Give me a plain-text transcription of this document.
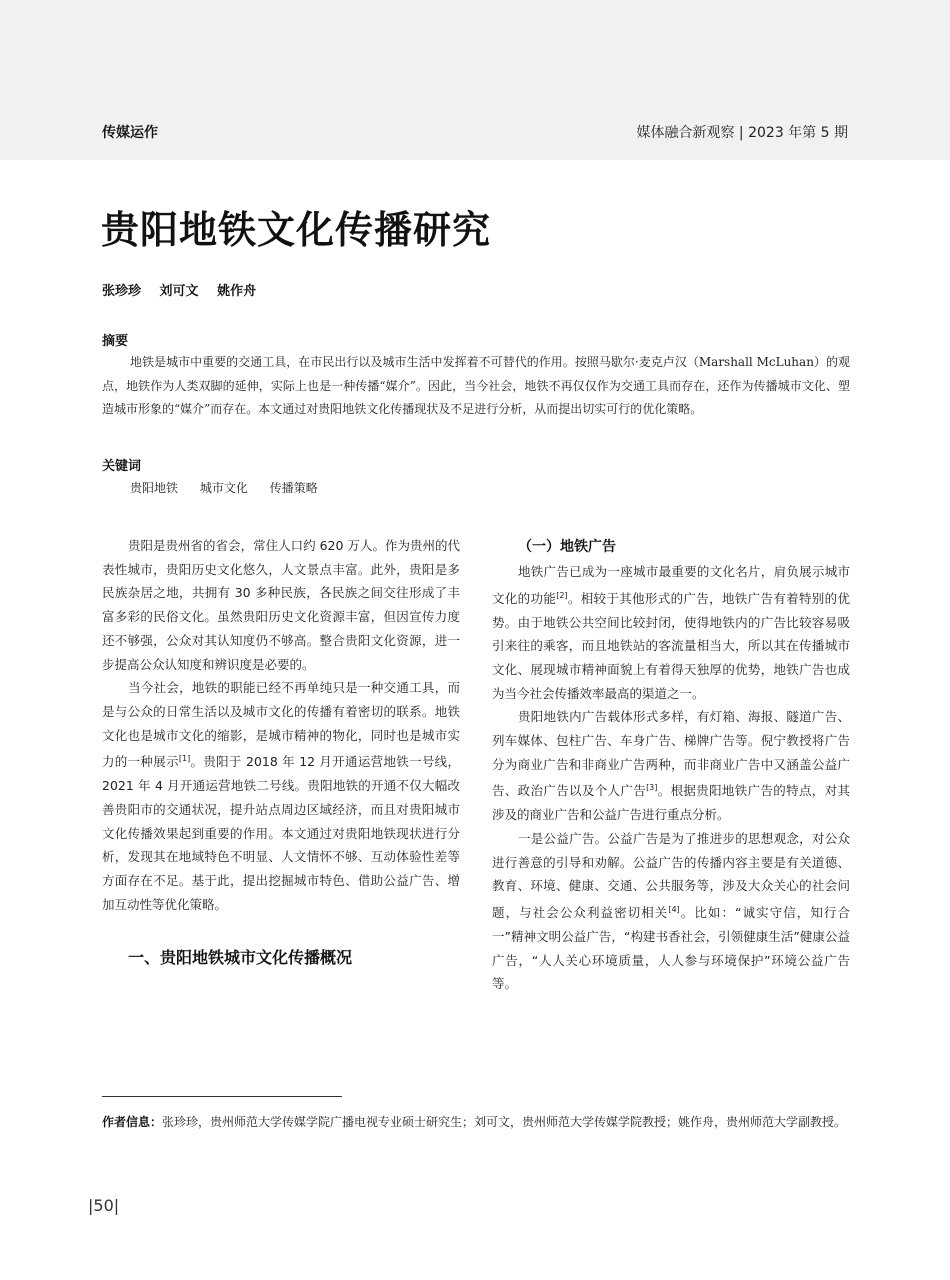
传媒运作	媒体融合新观察 | 2023 年第 5 期
贵阳地铁文化传播研究
张珍珍 刘可文 姚作舟
摘要

地铁是城市中重要的交通工具，在市民出行以及城市生活中发挥着不可替代的作用。按照马歇尔·麦克卢汉（Marshall McLuhan）的观点，地铁作为人类双脚的延伸，实际上也是一种传播“媒介”。因此，当今社会，地铁不再仅仅作为交通工具而存在，还作为传播城市文化、塑造城市形象的“媒介”而存在。本文通过对贵阳地铁文化传播现状及不足进行分析，从而提出切实可行的优化策略。

关键词
贵阳地铁 城市文化 传播策略

贵阳是贵州省的省会，常住人口约 620 万人。作为贵州的代表性城市，贵阳历史文化悠久，人文景点丰富。此外，贵阳是多民族杂居之地，共拥有 30 多种民族，各民族之间交往形成了丰富多彩的民俗文化。虽然贵阳历史文化资源丰富，但因宣传力度还不够强，公众对其认知度仍不够高。整合贵阳文化资源，进一步提高公众认知度和辨识度是必要的。

当今社会，地铁的职能已经不再单纯只是一种交通工具，而是与公众的日常生活以及城市文化的传播有着密切的联系。地铁文化也是城市文化的缩影，是城市精神的物化，同时也是城市实力的一种展示[1]。贵阳于 2018 年 12 月开通运营地铁一号线，2021 年 4 月开通运营地铁二号线。贵阳地铁的开通不仅大幅改善贵阳市的交通状况，提升站点周边区域经济，而且对贵阳城市文化传播效果起到重要的作用。本文通过对贵阳地铁现状进行分析，发现其在地域特色不明显、人文情怀不够、互动体验性差等方面存在不足。基于此，提出挖掘城市特色、借助公益广告、增加互动性等优化策略。

一、贵阳地铁城市文化传播概况
（一）地铁广告

地铁广告已成为一座城市最重要的文化名片，肩负展示城市文化的功能[2]。相较于其他形式的广告，地铁广告有着特别的优势。由于地铁公共空间比较封闭，使得地铁内的广告比较容易吸引来往的乘客，而且地铁站的客流量相当大，所以其在传播城市文化、展现城市精神面貌上有着得天独厚的优势，地铁广告也成为当今社会传播效率最高的渠道之一。

贵阳地铁内广告载体形式多样，有灯箱、海报、隧道广告、列车媒体、包柱广告、车身广告、梯牌广告等。倪宁教授将广告分为商业广告和非商业广告两种，而非商业广告中又涵盖公益广告、政治广告以及个人广告[3]。根据贵阳地铁广告的特点，对其涉及的商业广告和公益广告进行重点分析。

一是公益广告。公益广告是为了推进步的思想观念，对公众进行善意的引导和劝解。公益广告的传播内容主要是有关道德、教育、环境、健康、交通、公共服务等，涉及大众关心的社会问题，与社会公众利益密切相关[4]。比如：“诚实守信，知行合一”精神文明公益广告，“构建书香社会，引领健康生活”健康公益广告，“人人关心环境质量，人人参与环境保护”环境公益广告等。

作者信息：张珍珍，贵州师范大学传媒学院广播电视专业硕士研究生；刘可文，贵州师范大学传媒学院教授；姚作舟，贵州师范大学副教授。

|50|
